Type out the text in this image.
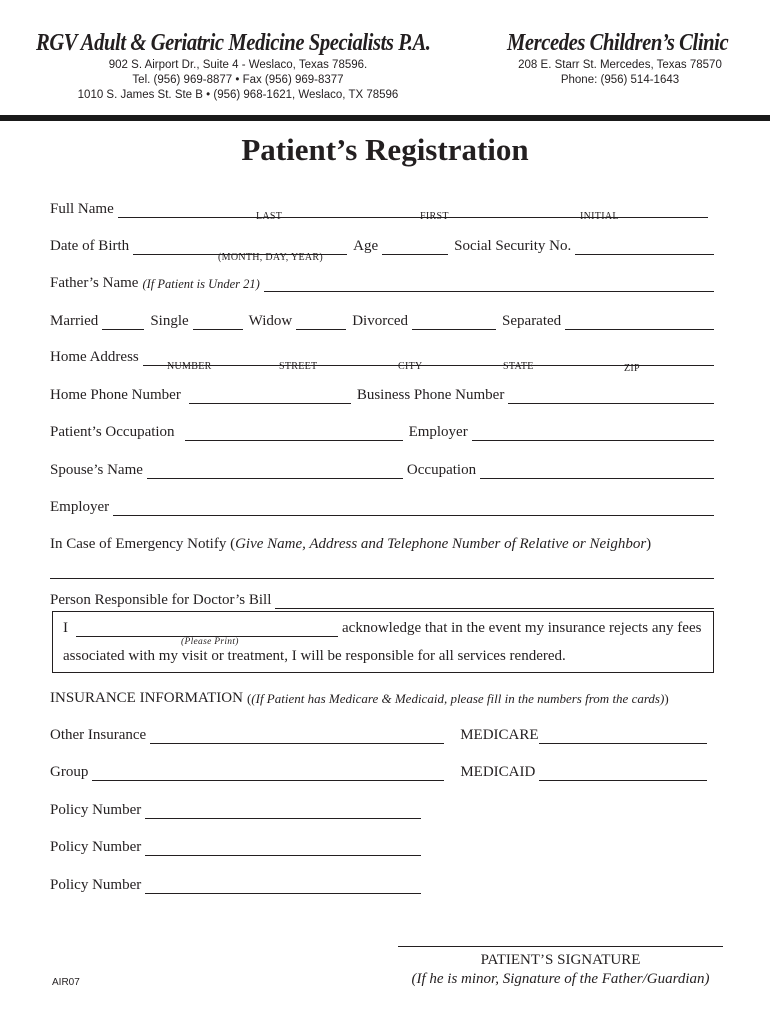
RGV Adult & Geriatric Medicine Specialists P.A.
902 S. Airport Dr., Suite 4 - Weslaco, Texas 78596.
Tel. (956) 969-8877 • Fax (956) 969-8377
1010 S. James St. Ste B • (956) 968-1621, Weslaco, TX 78596
Mercedes Children’s Clinic
208 E. Starr St. Mercedes, Texas 78570
Phone: (956) 514-1643
Patient’s Registration
Full Name	LAST	FIRST	INITIAL
Date of Birth	Age	Social Security No.
(MONTH, DAY, YEAR)
Father’s Name (If Patient is Under 21)
Married	Single	Widow	Divorced	Separated
Home Address
NUMBER	STREET	CITY	STATE	ZIP
Home Phone Number	Business Phone Number
Patient’s Occupation	Employer
Spouse’s Name	Occupation
Employer
In Case of Emergency Notify ( Give Name, Address and Telephone Number of Relative or Neighbor )
Person Responsible for Doctor’s Bill
I	acknowledge that in the event my insurance rejects any fees
(Please Print)
associated with my visit or treatment, I will be responsible for all services rendered.
INSURANCE INFORMATION ((If Patient has Medicare & Medicaid, please fill in the numbers from the cards))
Other Insurance	MEDICARE
Group	MEDICAID
Policy Number
Policy Number
Policy Number
PATIENT’S SIGNATURE
(If he is minor, Signature of the Father/Guardian)
AIR07
